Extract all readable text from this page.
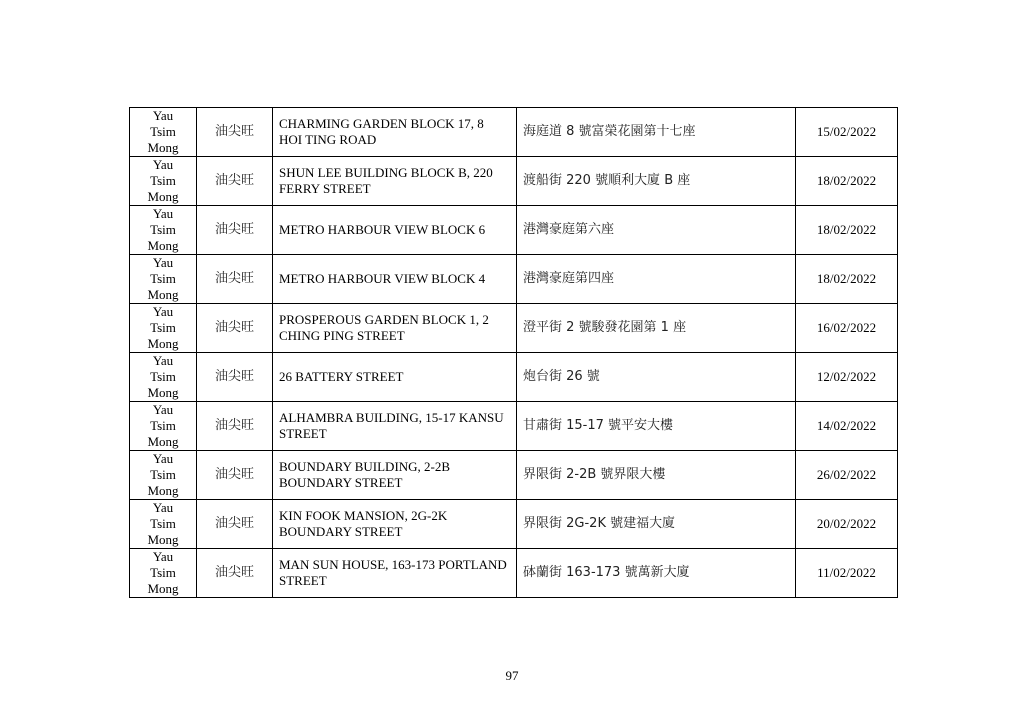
Yau
Tsim
Mong	油尖旺	CHARMING GARDEN BLOCK 17, 8 HOI TING ROAD	海庭道 8 號富榮花園第十七座	15/02/2022

Yau
Tsim
Mong	油尖旺	SHUN LEE BUILDING BLOCK B, 220 FERRY STREET	渡船街 220 號順利大廈 B 座	18/02/2022

Yau
Tsim
Mong	油尖旺	METRO HARBOUR VIEW BLOCK 6	港灣豪庭第六座	18/02/2022

Yau
Tsim
Mong	油尖旺	METRO HARBOUR VIEW BLOCK 4	港灣豪庭第四座	18/02/2022

Yau
Tsim
Mong	油尖旺	PROSPEROUS GARDEN BLOCK 1, 2 CHING PING STREET	澄平街 2 號駿發花園第 1 座	16/02/2022

Yau
Tsim
Mong	油尖旺	26 BATTERY STREET	炮台街 26 號	12/02/2022

Yau
Tsim
Mong	油尖旺	ALHAMBRA BUILDING, 15-17 KANSU STREET	甘肅街 15-17 號平安大樓	14/02/2022

Yau
Tsim
Mong	油尖旺	BOUNDARY BUILDING, 2-2B BOUNDARY STREET	界限街 2-2B 號界限大樓	26/02/2022

Yau
Tsim
Mong	油尖旺	KIN FOOK MANSION, 2G-2K BOUNDARY STREET	界限街 2G-2K 號建福大廈	20/02/2022

Yau
Tsim
Mong	油尖旺	MAN SUN HOUSE, 163-173 PORTLAND STREET	砵蘭街 163-173 號萬新大廈	11/02/2022
97
